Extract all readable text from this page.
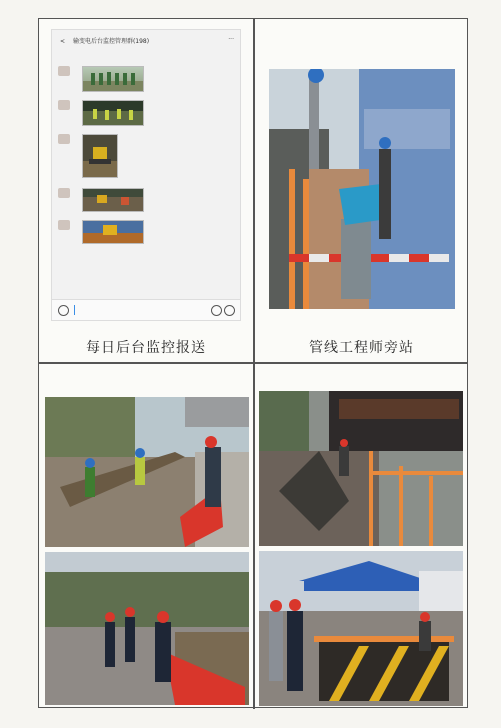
< 输变电后台监控管理群(198)	···
每日后台监控报送	管线工程师旁站
